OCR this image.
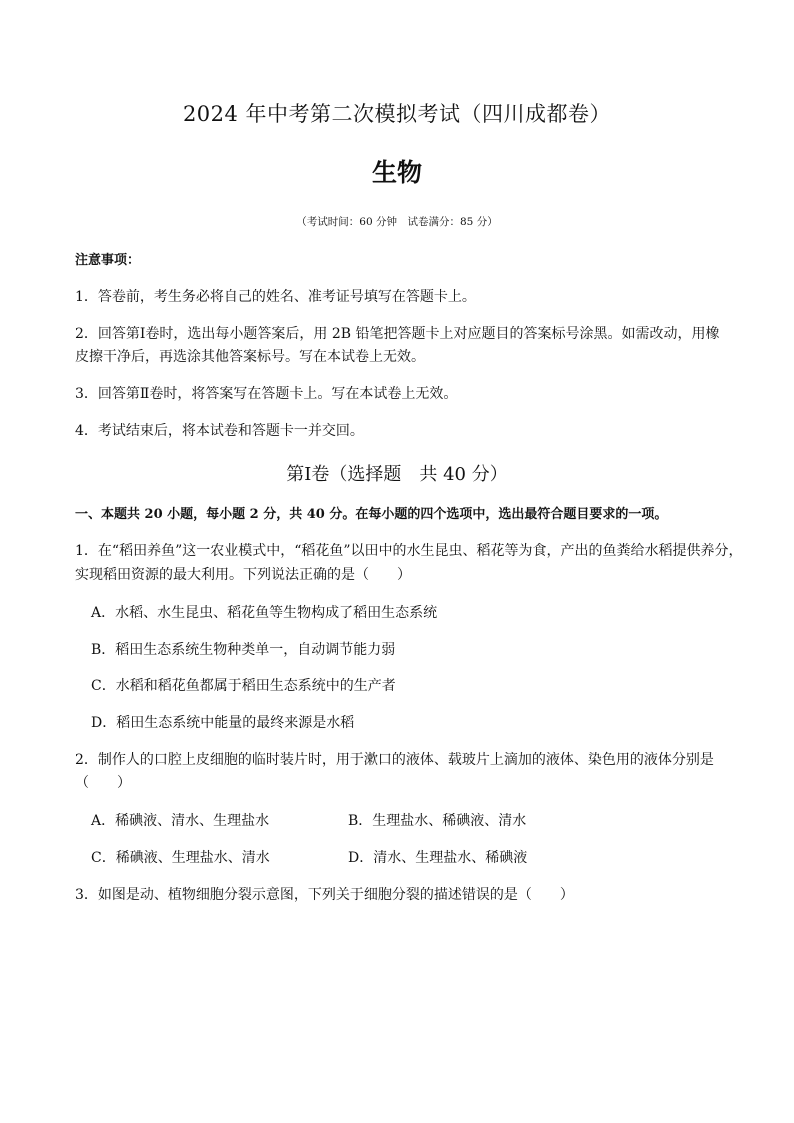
2024 年中考第二次模拟考试（四川成都卷）
生物
（考试时间：60 分钟　试卷满分：85 分）
注意事项：
1．答卷前，考生务必将自己的姓名、准考证号填写在答题卡上。
2．回答第Ⅰ卷时，选出每小题答案后，用 2B 铅笔把答题卡上对应题目的答案标号涂黑。如需改动，用橡
皮擦干净后，再选涂其他答案标号。写在本试卷上无效。
3．回答第Ⅱ卷时，将答案写在答题卡上。写在本试卷上无效。
4．考试结束后，将本试卷和答题卡一并交回。
第Ⅰ卷（选择题　共 40 分）
一、本题共 20 小题，每小题 2 分，共 40 分。在每小题的四个选项中，选出最符合题目要求的一项。
1．在“稻田养鱼”这一农业模式中，“稻花鱼”以田中的水生昆虫、稻花等为食，产出的鱼粪给水稻提供养分，
实现稻田资源的最大利用。下列说法正确的是（　　）
A．水稻、水生昆虫、稻花鱼等生物构成了稻田生态系统
B．稻田生态系统生物种类单一，自动调节能力弱
C．水稻和稻花鱼都属于稻田生态系统中的生产者
D．稻田生态系统中能量的最终来源是水稻
2．制作人的口腔上皮细胞的临时装片时，用于漱口的液体、载玻片上滴加的液体、染色用的液体分别是
（　　）
A．稀碘液、清水、生理盐水	B．生理盐水、稀碘液、清水
C．稀碘液、生理盐水、清水	D．清水、生理盐水、稀碘液
3．如图是动、植物细胞分裂示意图，下列关于细胞分裂的描述错误的是（　　）
